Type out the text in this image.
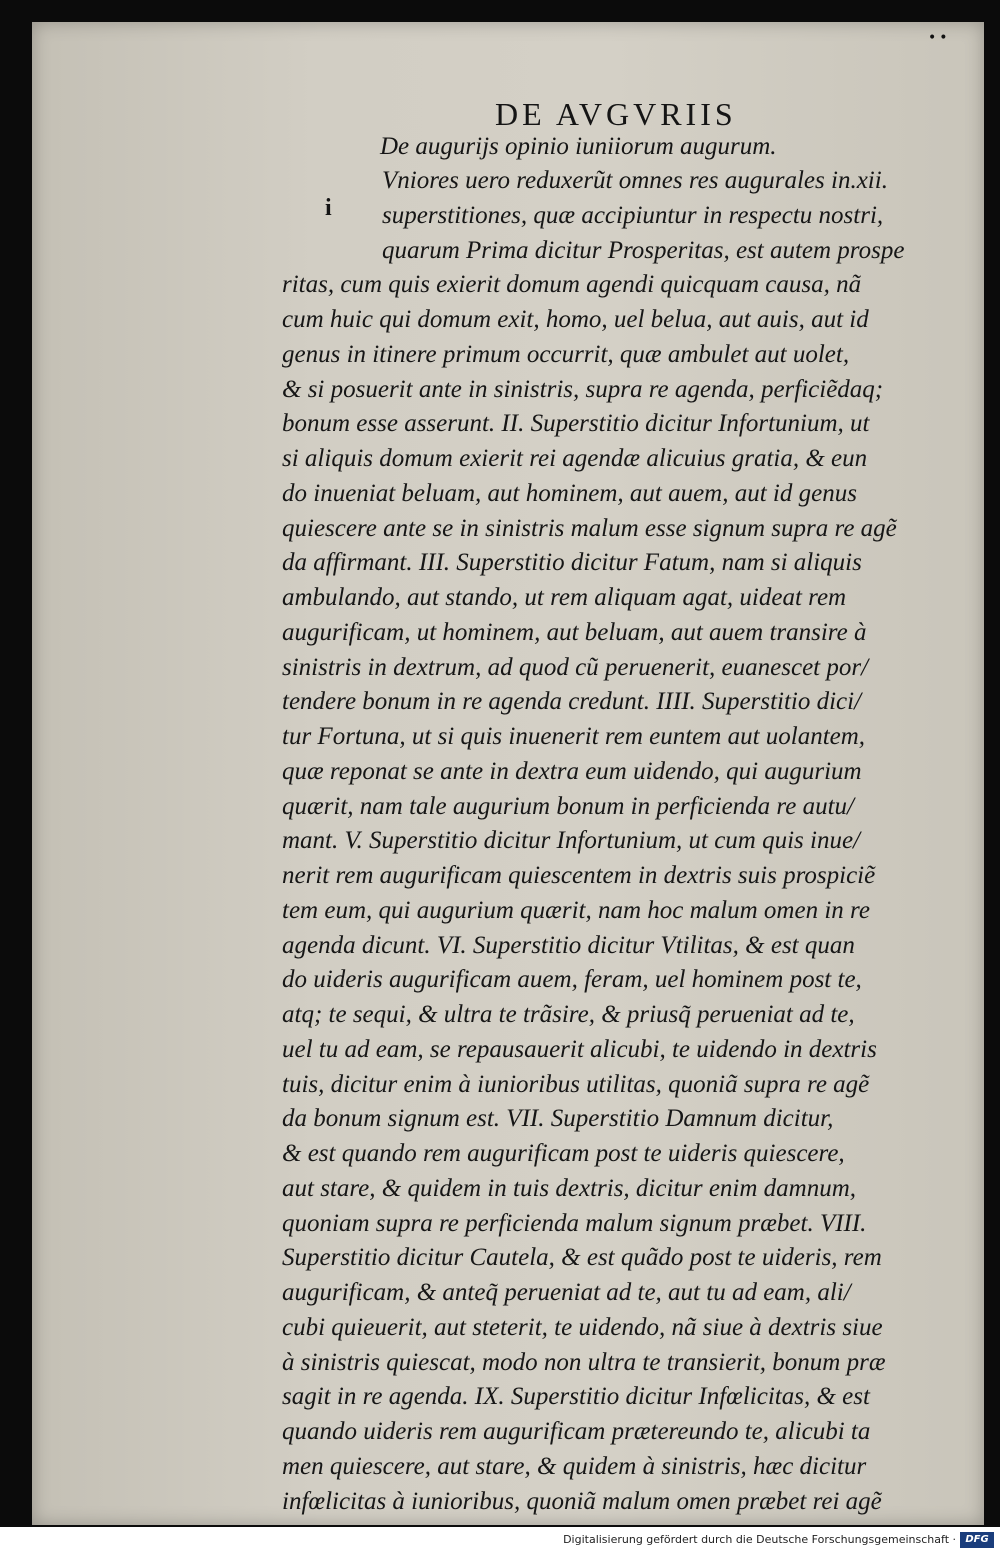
••
DE AVGVRIIS
De augurijs opinio iuniiorum augurum.
i
Vniores uero reduxerũt omnes res augurales in.xii.
superstitiones, quæ accipiuntur in respectu nostri,
quarum Prima dicitur Prosperitas, est autem prospe
ritas, cum quis exierit domum agendi quicquam causa, nã
cum huic qui domum exit, homo, uel belua, aut auis, aut id
genus in itinere primum occurrit, quæ ambulet aut uolet,
& si posuerit ante in sinistris, supra re agenda, perficiẽdaq;
bonum esse asserunt. II. Superstitio dicitur Infortunium, ut
si aliquis domum exierit rei agendæ alicuius gratia, & eun
do inueniat beluam, aut hominem, aut auem, aut id genus
quiescere ante se in sinistris malum esse signum supra re agẽ
da affirmant. III. Superstitio dicitur Fatum, nam si aliquis
ambulando, aut stando, ut rem aliquam agat, uideat rem
augurificam, ut hominem, aut beluam, aut auem transire à
sinistris in dextrum, ad quod cũ peruenerit, euanescet por/
tendere bonum in re agenda credunt. IIII. Superstitio dici/
tur Fortuna, ut si quis inuenerit rem euntem aut uolantem,
quæ reponat se ante in dextra eum uidendo, qui augurium
quærit, nam tale augurium bonum in perficienda re autu/
mant. V. Superstitio dicitur Infortunium, ut cum quis inue/
nerit rem augurificam quiescentem in dextris suis prospiciẽ
tem eum, qui augurium quærit, nam hoc malum omen in re
agenda dicunt. VI. Superstitio dicitur Vtilitas, & est quan
do uideris augurificam auem, feram, uel hominem post te,
atq; te sequi, & ultra te trãsire, & priusq̃ perueniat ad te,
uel tu ad eam, se repausauerit alicubi, te uidendo in dextris
tuis, dicitur enim à iunioribus utilitas, quoniã supra re agẽ
da bonum signum est. VII. Superstitio Damnum dicitur,
& est quando rem augurificam post te uideris quiescere,
aut stare, & quidem in tuis dextris, dicitur enim damnum,
quoniam supra re perficienda malum signum præbet. VIII.
Superstitio dicitur Cautela, & est quãdo post te uideris, rem
augurificam, & anteq̃ perueniat ad te, aut tu ad eam, ali/
cubi quieuerit, aut steterit, te uidendo, nã siue à dextris siue
à sinistris quiescat, modo non ultra te transierit, bonum præ
sagit in re agenda. IX. Superstitio dicitur Infœlicitas, & est
quando uideris rem augurificam prætereundo te, alicubi ta
men quiescere, aut stare, & quidem à sinistris, hæc dicitur
infœlicitas à iunioribus, quoniã malum omen præbet rei agẽ
Digitalisierung gefördert durch die Deutsche Forschungsgemeinschaft · DFG
